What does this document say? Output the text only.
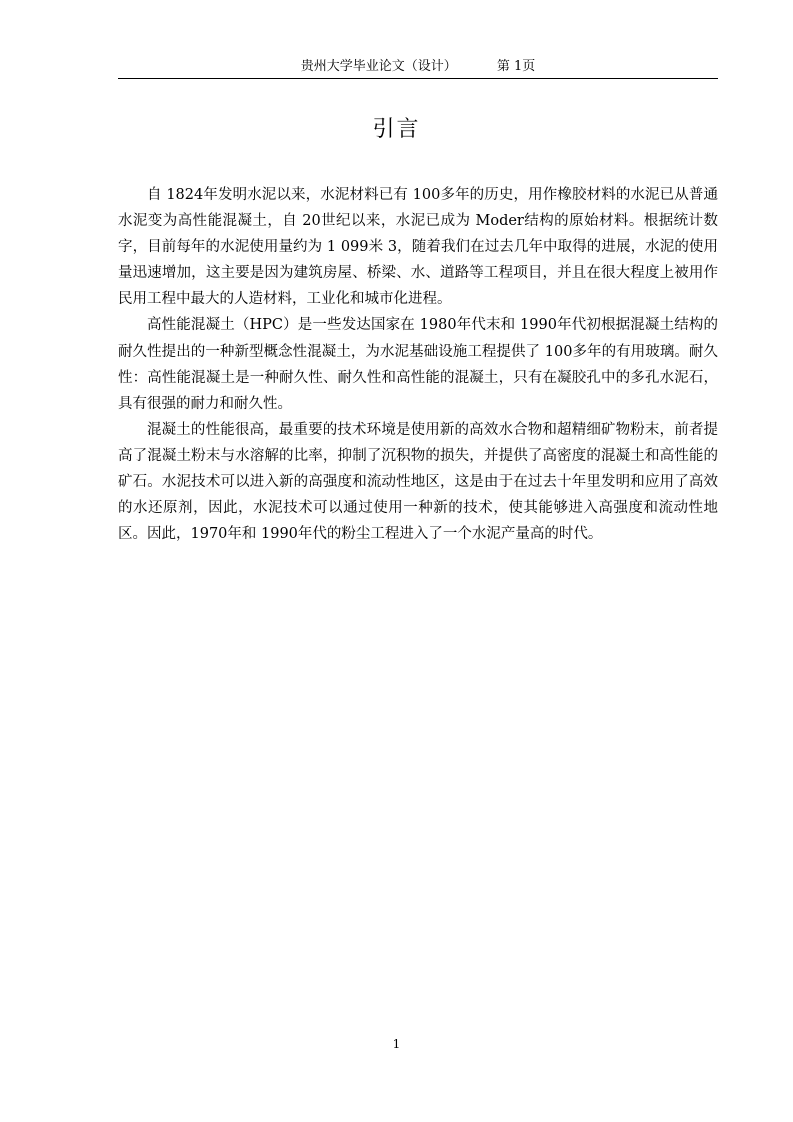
贵州大学毕业论文（设计）	第 1页
引言

自 1824年发明水泥以来，水泥材料已有 100多年的历史，用作橡胶材料的水泥已从普通水泥变为高性能混凝土，自 20世纪以来，水泥已成为 Moder结构的原始材料。根据统计数字，目前每年的水泥使用量约为 1 099米 3，随着我们在过去几年中取得的进展，水泥的使用量迅速增加，这主要是因为建筑房屋、桥梁、水、道路等工程项目，并且在很大程度上被用作民用工程中最大的人造材料，工业化和城市化进程。

高性能混凝土（HPC）是一些发达国家在 1980年代末和 1990年代初根据混凝土结构的耐久性提出的一种新型概念性混凝土，为水泥基础设施工程提供了 100多年的有用玻璃。耐久性：高性能混凝土是一种耐久性、耐久性和高性能的混凝土，只有在凝胶孔中的多孔水泥石，具有很强的耐力和耐久性。

混凝土的性能很高，最重要的技术环境是使用新的高效水合物和超精细矿物粉末，前者提高了混凝土粉末与水溶解的比率，抑制了沉积物的损失，并提供了高密度的混凝土和高性能的矿石。水泥技术可以进入新的高强度和流动性地区，这是由于在过去十年里发明和应用了高效的水还原剂，因此，水泥技术可以通过使用一种新的技术，使其能够进入高强度和流动性地区。因此，1970年和 1990年代的粉尘工程进入了一个水泥产量高的时代。

1
